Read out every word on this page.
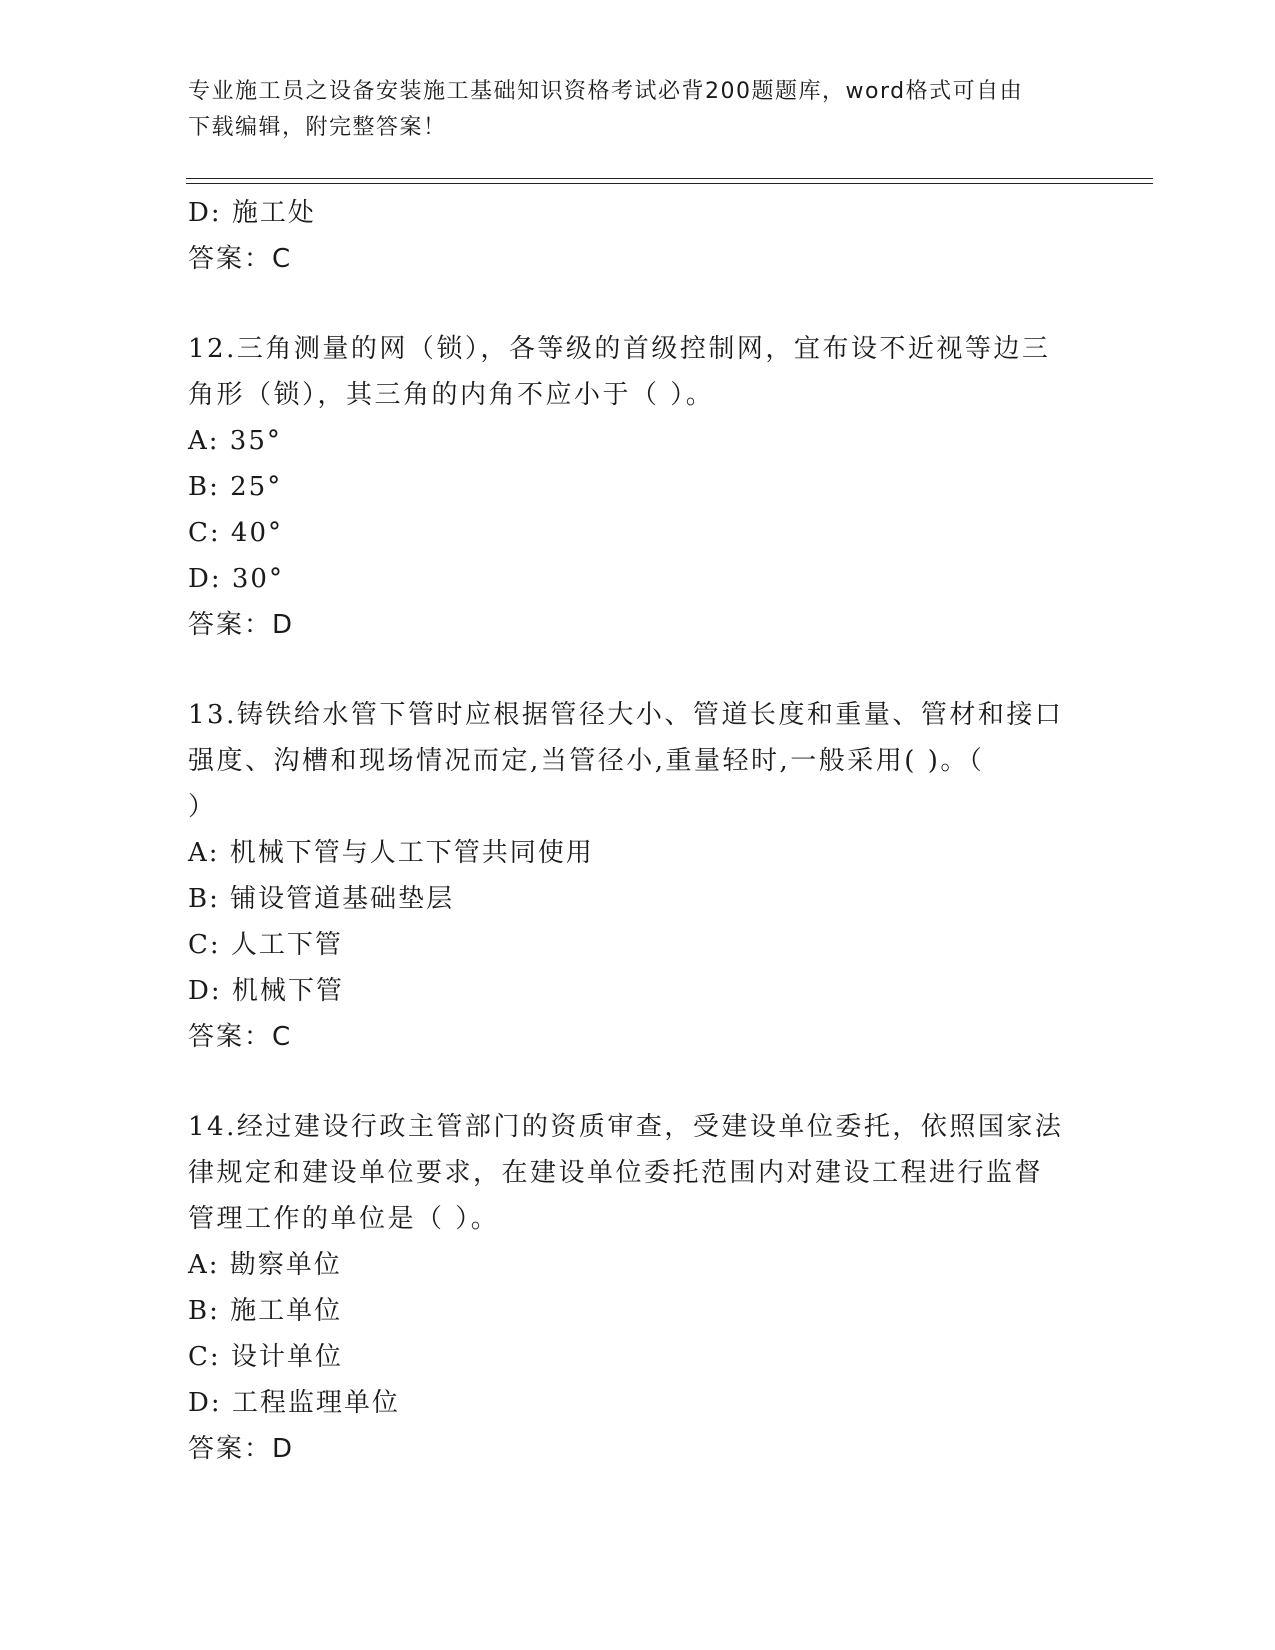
专业施工员之设备安装施工基础知识资格考试必背200题题库，word格式可自由
下载编辑，附完整答案！
D: 施工处
答案：C
12.三角测量的网（锁），各等级的首级控制网，宜布设不近视等边三
角形（锁），其三角的内角不应小于（ ）。
A: 35°
B: 25°
C: 40°
D: 30°
答案：D
13.铸铁给水管下管时应根据管径大小、管道长度和重量、管材和接口
强度、沟槽和现场情况而定,当管径小,重量轻时,一般采用( )。（
）
A: 机械下管与人工下管共同使用
B: 铺设管道基础垫层
C: 人工下管
D: 机械下管
答案：C
14.经过建设行政主管部门的资质审查，受建设单位委托，依照国家法
律规定和建设单位要求，在建设单位委托范围内对建设工程进行监督
管理工作的单位是（ ）。
A: 勘察单位
B: 施工单位
C: 设计单位
D: 工程监理单位
答案：D
